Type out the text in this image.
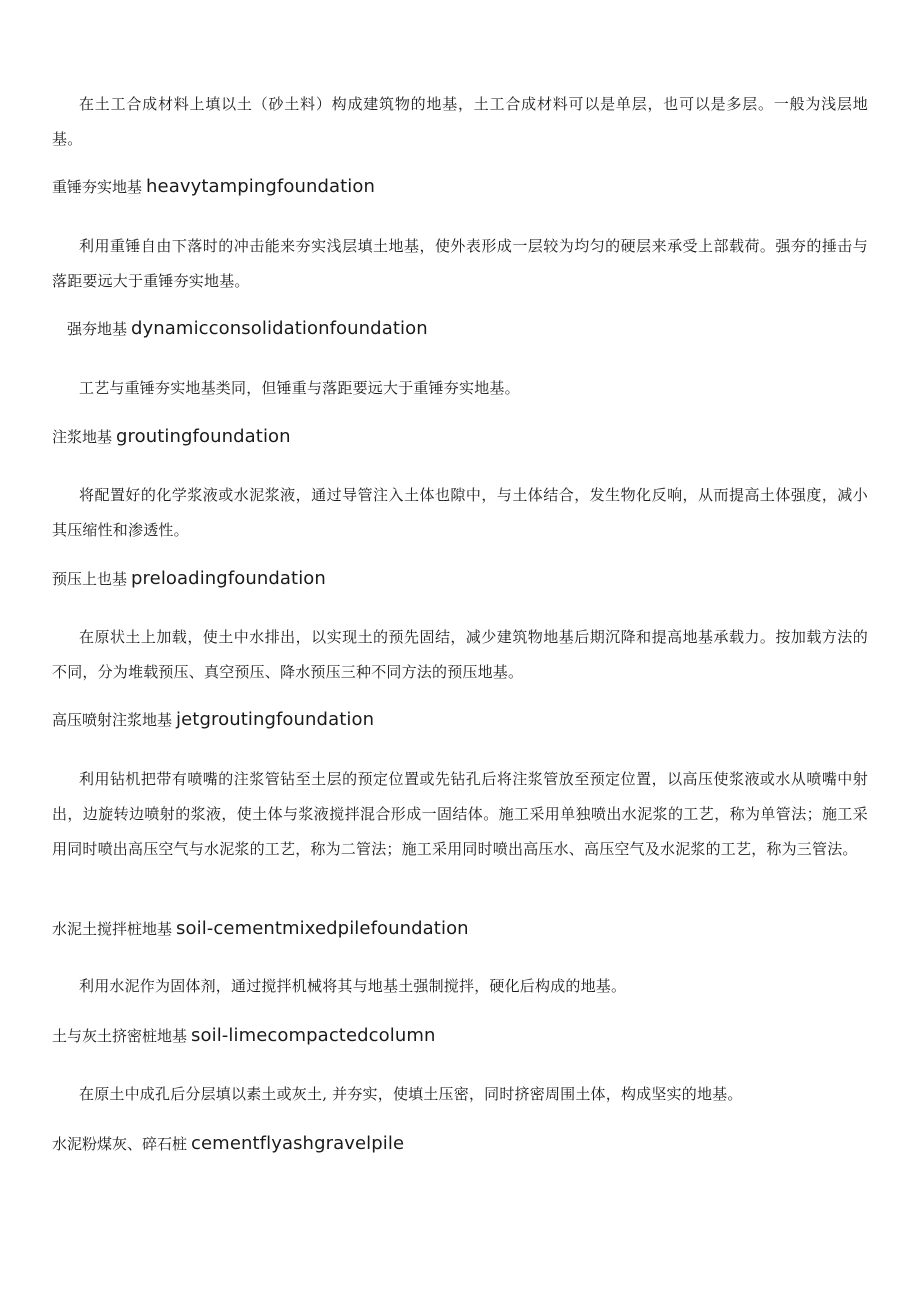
在土工合成材料上填以土（砂土料）构成建筑物的地基，土工合成材料可以是单层，也可以是多层。一般为浅层地基。

重锤夯实地基 heavytampingfoundation

利用重锤自由下落时的冲击能来夯实浅层填土地基，使外表形成一层较为均匀的硬层来承受上部载荷。强夯的捶击与落距要远大于重锤夯实地基。

强夯地基 dynamicconsolidationfoundation

工艺与重锤夯实地基类同，但锤重与落距要远大于重锤夯实地基。

注浆地基 groutingfoundation

将配置好的化学浆液或水泥浆液，通过导管注入土体也隙中，与土体结合，发生物化反响，从而提高土体强度，减小其压缩性和渗透性。

预压上也基 preloadingfoundation

在原状土上加载，使土中水排出，以实现土的预先固结，减少建筑物地基后期沉降和提高地基承载力。按加载方法的不同，分为堆载预压、真空预压、降水预压三种不同方法的预压地基。

高压喷射注浆地基 jetgroutingfoundation

利用钻机把带有喷嘴的注浆管钻至土层的预定位置或先钻孔后将注浆管放至预定位置，以高压使浆液或水从喷嘴中射出，边旋转边喷射的浆液，使土体与浆液搅拌混合形成一固结体。施工采用单独喷出水泥浆的工艺，称为单管法；施工采用同时喷出高压空气与水泥浆的工艺，称为二管法；施工采用同时喷出高压水、高压空气及水泥浆的工艺，称为三管法。

水泥土搅拌桩地基 soil-cementmixedpilefoundation

利用水泥作为固体剂，通过搅拌机械将其与地基土强制搅拌，硬化后构成的地基。

土与灰土挤密桩地基 soil-limecompactedcolumn

在原土中成孔后分层填以素土或灰土, 并夯实，使填土压密，同时挤密周围土体，构成坚实的地基。

水泥粉煤灰、碎石桩 cementflyashgravelpile
